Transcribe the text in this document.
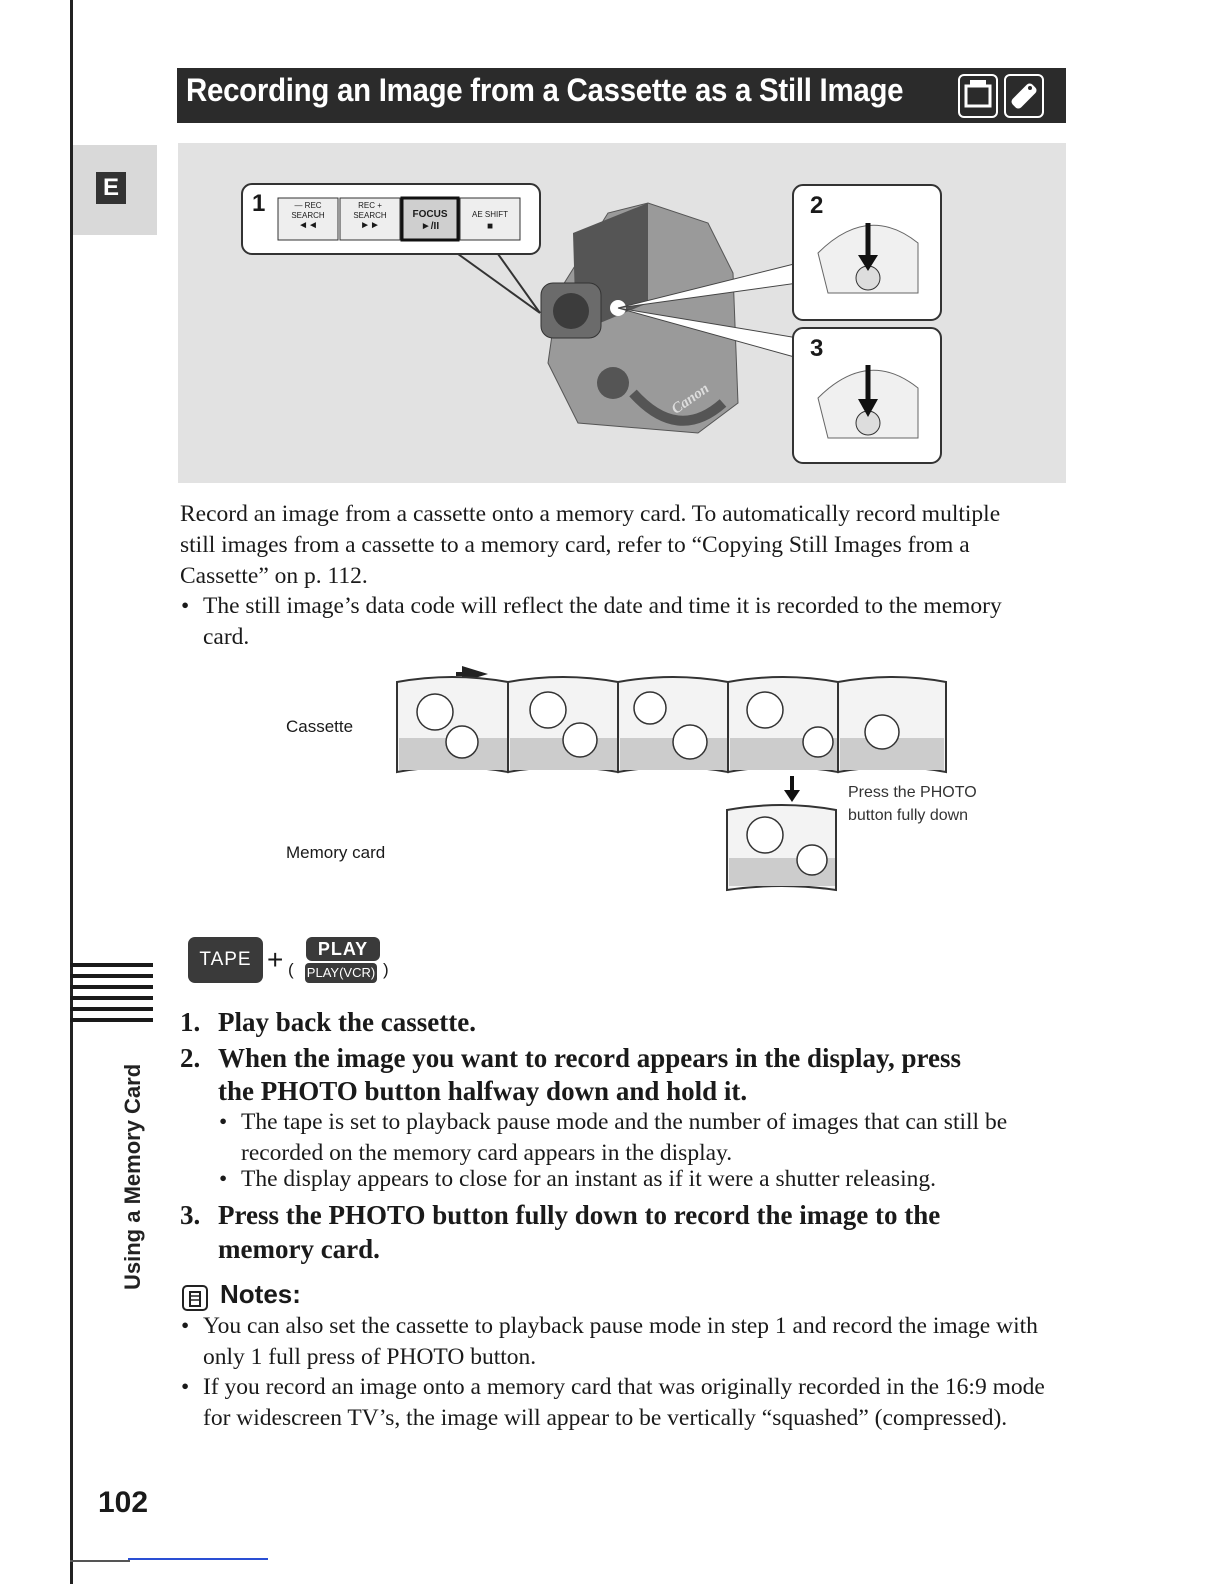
Recording an Image from a Cassette as a Still Image
E
1	2
3
— REC
SEARCH
◄◄
REC +
SEARCH
►►
FOCUS
►/II
AE SHIFT
■
Canon
Record an image from a cassette onto a memory card. To automatically record multiple still images from a cassette to a memory card, refer to “Copying Still Images from a Cassette” on p. 112.
• The still image’s data code will reflect the date and time it is recorded to the memory card.
Cassette
Memory card
Press the PHOTO
button fully down
TAPE + (
PLAY
PLAY(VCR) )
1. Play back the cassette.
2. When the image you want to record appears in the display, press
the PHOTO button halfway down and hold it.
• The tape is set to playback pause mode and the number of images that can still be recorded on the memory card appears in the display.
• The display appears to close for an instant as if it were a shutter releasing.
3. Press the PHOTO button fully down to record the image to the
memory card.
Notes:
• You can also set the cassette to playback pause mode in step 1 and record the image with only 1 full press of PHOTO button.
• If you record an image onto a memory card that was originally recorded in the 16:9 mode for widescreen TV’s, the image will appear to be vertically “squashed” (compressed).
Using a Memory Card
102
